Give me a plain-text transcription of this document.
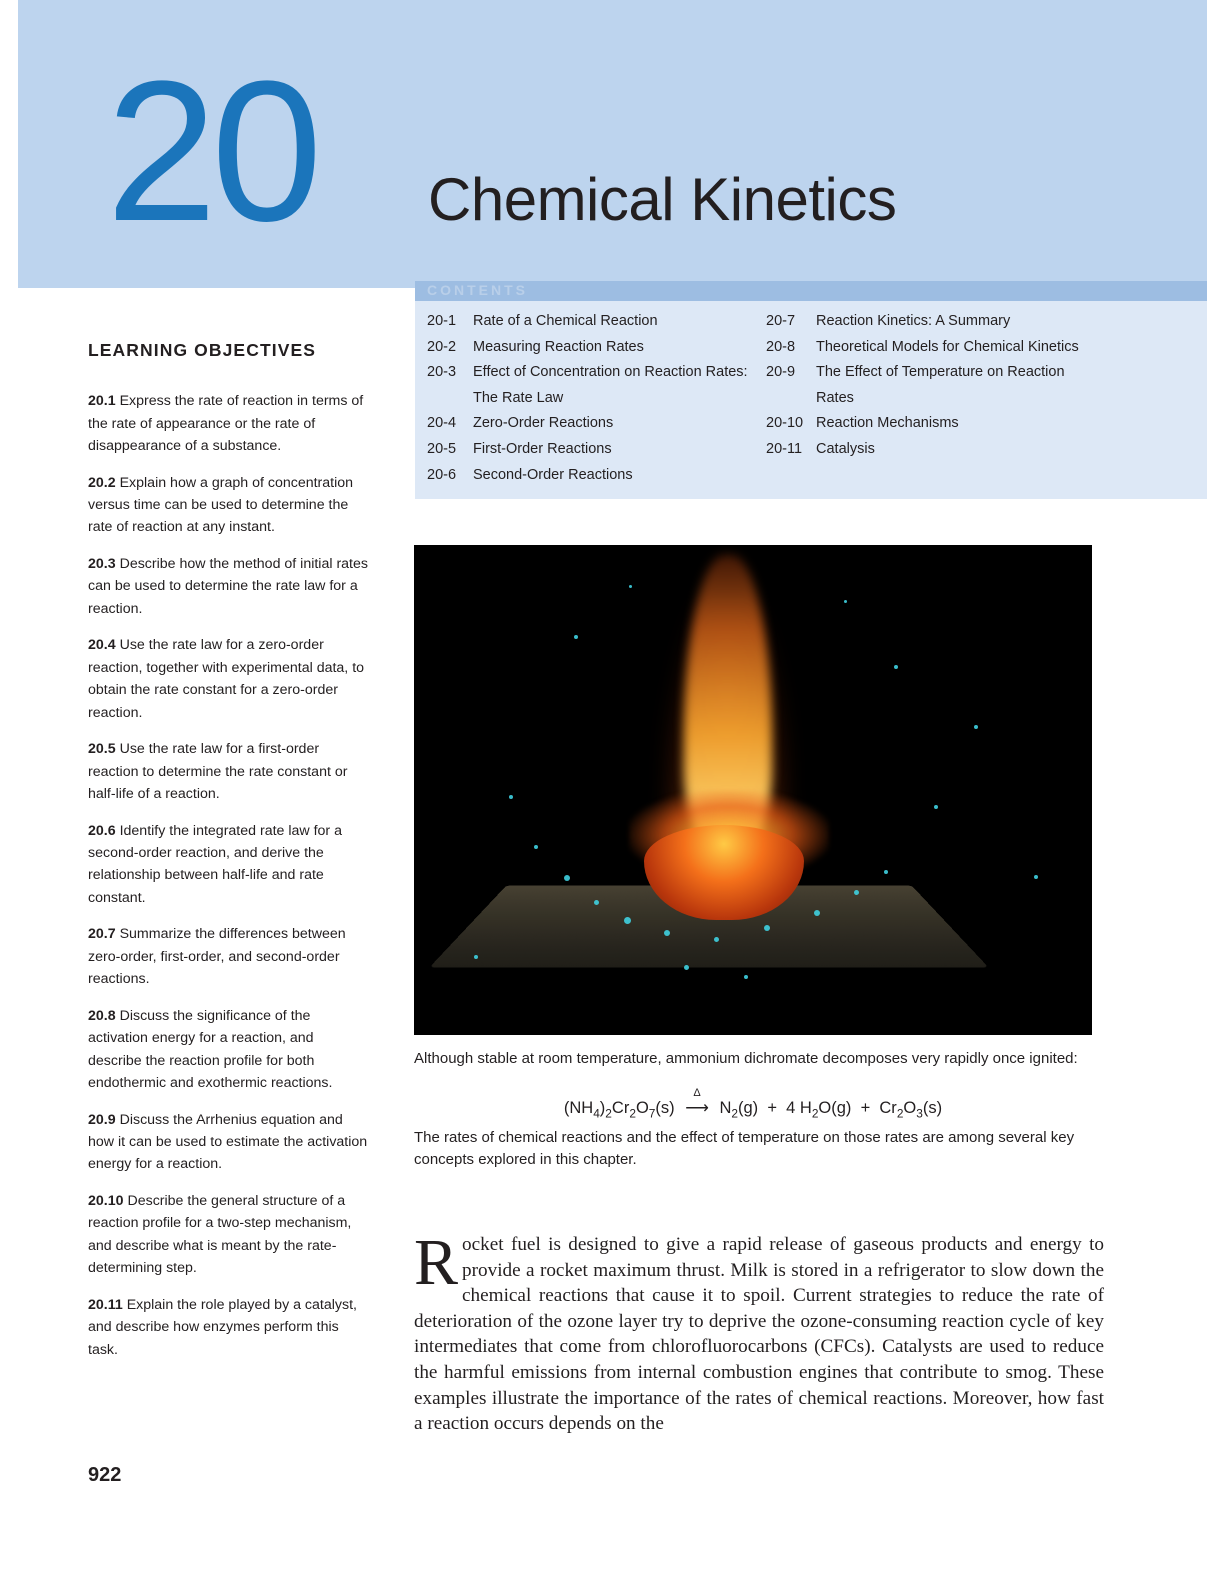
20 Chemical Kinetics
CONTENTS
20-1 Rate of a Chemical Reaction
20-2 Measuring Reaction Rates
20-3 Effect of Concentration on Reaction Rates: The Rate Law
20-4 Zero-Order Reactions
20-5 First-Order Reactions
20-6 Second-Order Reactions
20-7 Reaction Kinetics: A Summary
20-8 Theoretical Models for Chemical Kinetics
20-9 The Effect of Temperature on Reaction Rates
20-10 Reaction Mechanisms
20-11 Catalysis
LEARNING OBJECTIVES

20.1 Express the rate of reaction in terms of the rate of appearance or the rate of disappearance of a substance.

20.2 Explain how a graph of concentration versus time can be used to determine the rate of reaction at any instant.

20.3 Describe how the method of initial rates can be used to determine the rate law for a reaction.

20.4 Use the rate law for a zero-order reaction, together with experimental data, to obtain the rate constant for a zero-order reaction.

20.5 Use the rate law for a first-order reaction to determine the rate constant or half-life of a reaction.

20.6 Identify the integrated rate law for a second-order reaction, and derive the relationship between half-life and rate constant.

20.7 Summarize the differences between zero-order, first-order, and second-order reactions.

20.8 Discuss the significance of the activation energy for a reaction, and describe the reaction profile for both endothermic and exothermic reactions.

20.9 Discuss the Arrhenius equation and how it can be used to estimate the activation energy for a reaction.

20.10 Describe the general structure of a reaction profile for a two-step mechanism, and describe what is meant by the rate-determining step.

20.11 Explain the role played by a catalyst, and describe how enzymes perform this task.

Although stable at room temperature, ammonium dichromate decomposes very rapidly once ignited:
$(NH_4)_2Cr_2O_7(s)$
Δ
⟶ $N_2(g) + 4$ $H_2O(g) + Cr_2O_3(s)$
The rates of chemical reactions and the effect of temperature on those rates are among several key concepts explored in this chapter.
Rocket fuel is designed to give a rapid release of gaseous products and energy to provide a rocket maximum thrust. Milk is stored in a refrigerator to slow down the chemical reactions that cause it to spoil. Current strategies to reduce the rate of deterioration of the ozone layer try to deprive the ozone-consuming reaction cycle of key intermediates that come from chlorofluorocarbons (CFCs). Catalysts are used to reduce the harmful emissions from internal combustion engines that contribute to smog. These examples illustrate the importance of the rates of chemical reactions. Moreover, how fast a reaction occurs depends on the
922
